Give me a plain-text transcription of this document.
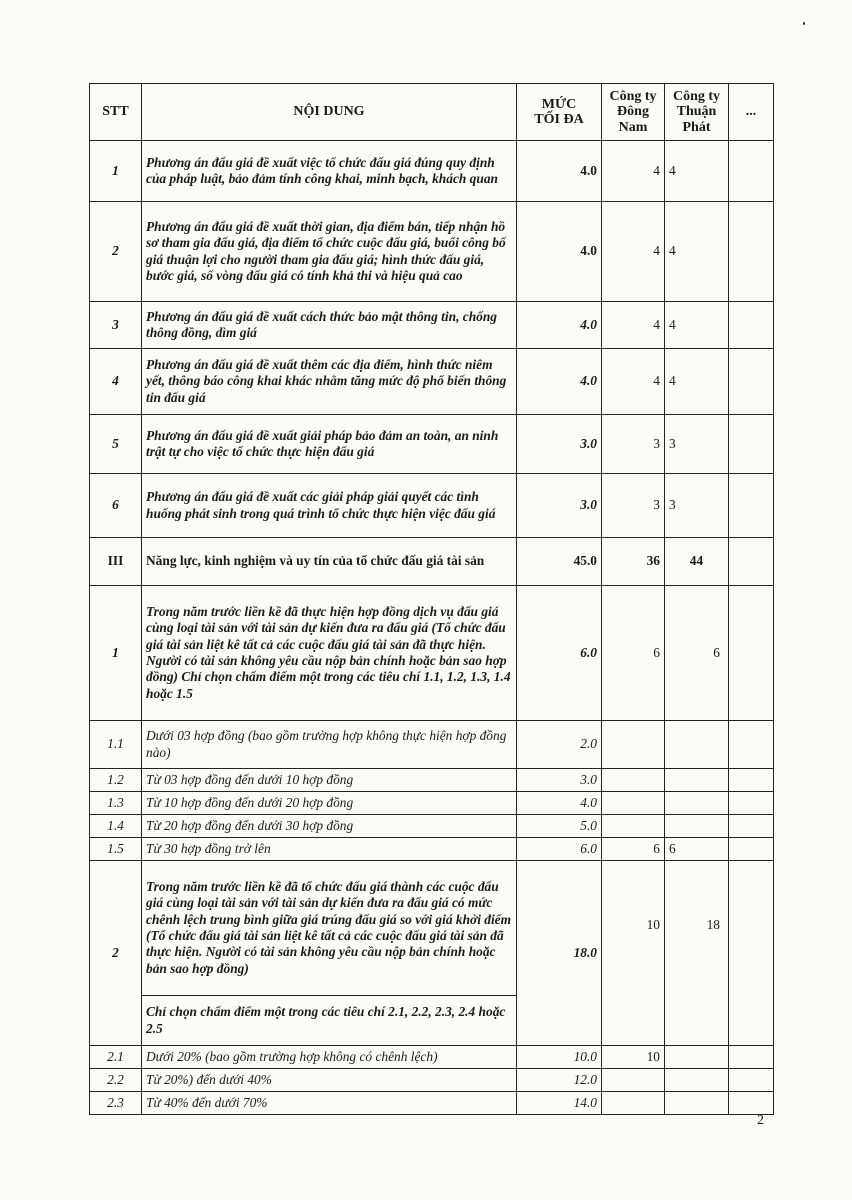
STT	NỘI DUNG	MỨC TỐI ĐA	Công ty Đông Nam	Công ty Thuận Phát	...
1	Phương án đấu giá đề xuất việc tổ chức đấu giá đúng quy định của pháp luật, bảo đảm tính công khai, minh bạch, khách quan	4.0	4	4	
2	Phương án đấu giá đề xuất thời gian, địa điểm bán, tiếp nhận hồ sơ tham gia đấu giá, địa điểm tổ chức cuộc đấu giá, buổi công bố giá thuận lợi cho người tham gia đấu giá; hình thức đấu giá, bước giá, số vòng đấu giá có tính khả thi và hiệu quả cao	4.0	4	4	
3	Phương án đấu giá đề xuất cách thức bảo mật thông tin, chống thông đồng, dìm giá	4.0	4	4	
4	Phương án đấu giá đề xuất thêm các địa điểm, hình thức niêm yết, thông báo công khai khác nhằm tăng mức độ phổ biến thông tin đấu giá	4.0	4	4	
5	Phương án đấu giá đề xuất giải pháp bảo đảm an toàn, an ninh trật tự cho việc tổ chức thực hiện đấu giá	3.0	3	3	
6	Phương án đấu giá đề xuất các giải pháp giải quyết các tình huống phát sinh trong quá trình tổ chức thực hiện việc đấu giá	3.0	3	3	
III	Năng lực, kinh nghiệm và uy tín của tổ chức đấu giá tài sản	45.0	36	44	
1	Trong năm trước liền kề đã thực hiện hợp đồng dịch vụ đấu giá cùng loại tài sản với tài sản dự kiến đưa ra đấu giá (Tổ chức đấu giá tài sản liệt kê tất cả các cuộc đấu giá tài sản đã thực hiện. Người có tài sản không yêu cầu nộp bản chính hoặc bản sao hợp đồng) Chỉ chọn chấm điểm một trong các tiêu chí 1.1, 1.2, 1.3, 1.4 hoặc 1.5	6.0	6	6	
1.1	Dưới 03 hợp đồng (bao gồm trường hợp không thực hiện hợp đồng nào)	2.0			
1.2	Từ 03 hợp đồng đến dưới 10 hợp đồng	3.0			
1.3	Từ 10 hợp đồng đến dưới 20 hợp đồng	4.0			
1.4	Từ 20 hợp đồng đến dưới 30 hợp đồng	5.0			
1.5	Từ 30 hợp đồng trở lên	6.0	6	6	
2	Trong năm trước liền kề đã tổ chức đấu giá thành các cuộc đấu giá cùng loại tài sản với tài sản dự kiến đưa ra đấu giá có mức chênh lệch trung bình giữa giá trúng đấu giá so với giá khởi điểm (Tổ chức đấu giá tài sản liệt kê tất cả các cuộc đấu giá tài sản đã thực hiện. Người có tài sản không yêu cầu nộp bản chính hoặc bản sao hợp đồng)	18.0	10	18	
	Chỉ chọn chấm điểm một trong các tiêu chí 2.1, 2.2, 2.3, 2.4 hoặc 2.5				
2.1	Dưới 20% (bao gồm trường hợp không có chênh lệch)	10.0	10		
2.2	Từ 20%) đến dưới 40%	12.0			
2.3	Từ 40% đến dưới 70%	14.0			
2
